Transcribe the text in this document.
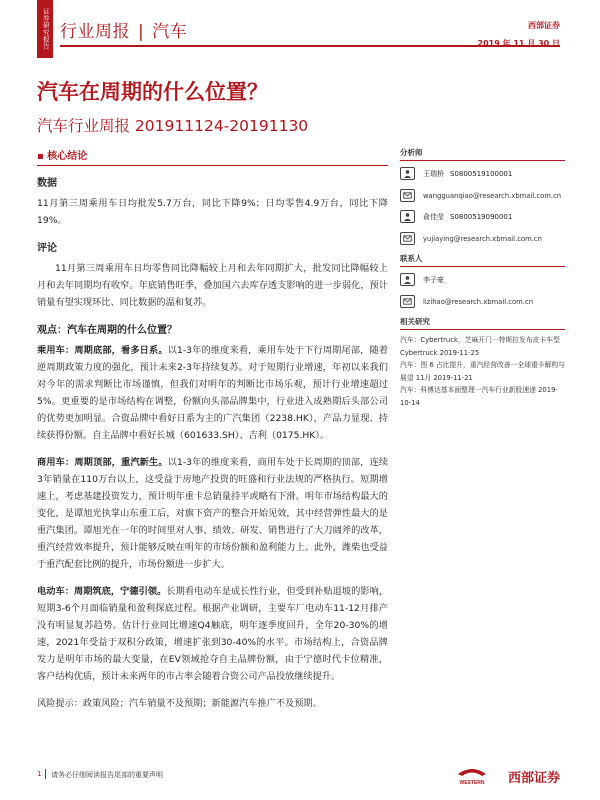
证券研究报告 行业周报 | 汽车	西部证券
2019 年 11 月 30 日
汽车在周期的什么位置？
汽车行业周报 201911124-20191130
▪ 核心结论
数据

11月第三周乘用车日均批发5.7万台，同比下降9%；日均零售4.9万台，同比下降19%。

评论

11月第三周乘用车日均零售同比降幅较上月和去年同期扩大，批发同比降幅较上月和去年同期均有收窄。年底销售旺季，叠加国六去库存透支影响的进一步弱化，预计销量有望实现环比、同比数据的温和复苏。

观点：汽车在周期的什么位置？

乘用车：周期底部，看多日系。以1-3年的维度来看，乘用车处于下行周期尾部，随着逆周期政策力度的强化，预计未来2-3年持续复苏。对于短期行业增速，年初以来我们对今年的需求判断比市场谨慎，但我们对明年的判断比市场乐观，预计行业增速超过5%。更重要的是市场结构在调整，份额向头部品牌集中，行业进入成熟期后头部公司的优势更加明显。合资品牌中看好日系为主的广汽集团（2238.HK），产品力显现、持续获得份额。自主品牌中看好长城（601633.SH）、吉利（0175.HK）。

商用车：周期顶部，重汽新生。以1-3年的维度来看，商用车处于长周期的顶部，连续3年销量在110万台以上，这受益于房地产投资的旺盛和行业法规的严格执行。短期增速上，考虑基建投资发力，预计明年重卡总销量持平或略有下滑。明年市场结构最大的变化，是谭旭光执掌山东重工后，对旗下资产的整合开始见效，其中经营弹性最大的是重汽集团。谭旭光在一年的时间里对人事、绩效、研发、销售进行了大刀阔斧的改革，重汽经营效率提升，预计能够反映在明年的市场份额和盈利能力上。此外，潍柴也受益于重汽配套比例的提升，市场份额进一步扩大。

电动车：周期筑底，宁德引领。长期看电动车是成长性行业，但受到补贴退坡的影响，短期3-6个月面临销量和盈利探底过程。根据产业调研，主要车厂电动车11-12月排产没有明显复苏趋势。估计行业同比增速Q4触底，明年逐季度回升，全年20-30%的增速，2021年受益于双积分政策，增速扩张到30-40%的水平。市场结构上，合资品牌发力是明年市场的最大变量，在EV领域抢夺自主品牌份额，由于宁德时代卡位精准，客户结构优质，预计未来两年的市占率会随着合资公司产品投放继续提升。

风险提示：政策风险；汽车销量不及预期；新能源汽车推广不及预期。

分析师
王瑞桥 S0800519100001
wangguanqiao@research.xbmail.com.cn
俞佳莹 S0800519090001
yujiaying@research.xbmail.com.cn
联系人
李子豪
lizihao@research.xbmail.com.cn
相关研究
汽车：Cybertruck，芝麻开门一特斯拉发布皮卡车型 Cybertruck 2019-11-25
汽车：图 6 占比提升，重汽经营改善一全球重卡解构与展望 11月 2019-11-21
汽车：科博达基本面整理一汽车行业新股速递 2019-10-14
1 请务必仔细阅读报告尾部的重要声明
WESTERN 西部证券
